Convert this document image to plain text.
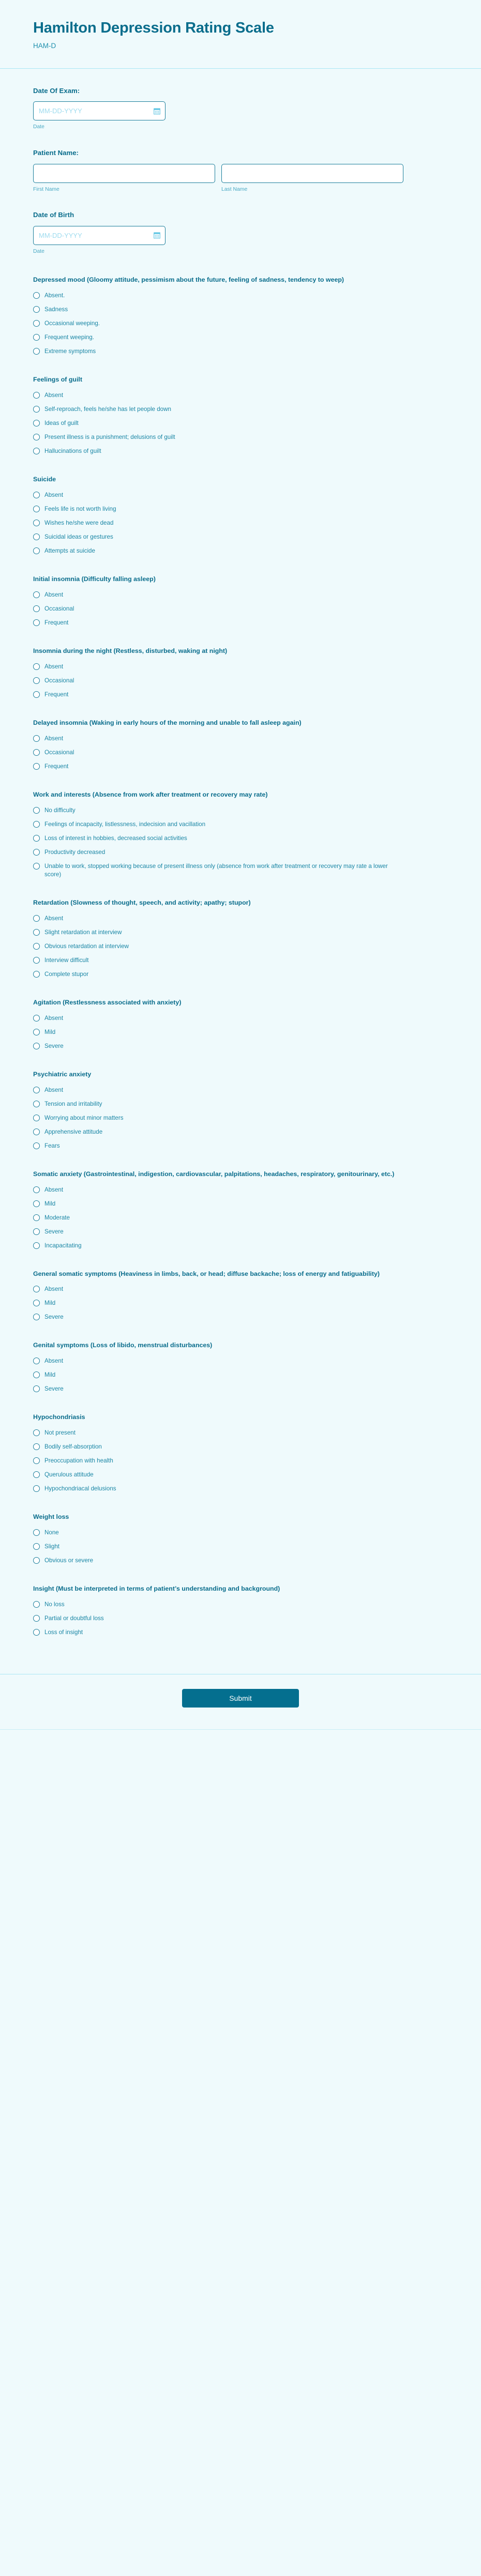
Hamilton Depression Rating Scale

HAM-D

Date Of Exam:
MM-DD-YYYY
Date
Patient Name:
First Name	Last Name
Date of Birth
MM-DD-YYYY
Date
Depressed mood (Gloomy attitude, pessimism about the future, feeling of sadness, tendency to weep)
Absent.
Sadness
Occasional weeping.
Frequent weeping.
Extreme symptoms
Feelings of guilt
Absent
Self-reproach, feels he/she has let people down
Ideas of guilt
Present illness is a punishment; delusions of guilt
Hallucinations of guilt
Suicide
Absent
Feels life is not worth living
Wishes he/she were dead
Suicidal ideas or gestures
Attempts at suicide
Initial insomnia (Difficulty falling asleep)
Absent
Occasional
Frequent
Insomnia during the night (Restless, disturbed, waking at night)
Absent
Occasional
Frequent
Delayed insomnia (Waking in early hours of the morning and unable to fall asleep again)
Absent
Occasional
Frequent
Work and interests (Absence from work after treatment or recovery may rate)
No difficulty
Feelings of incapacity, listlessness, indecision and vacillation
Loss of interest in hobbies, decreased social activities
Productivity decreased
Unable to work, stopped working because of present illness only (absence from work after treatment or recovery may rate a lower score)
Retardation (Slowness of thought, speech, and activity; apathy; stupor)
Absent
Slight retardation at interview
Obvious retardation at interview
Interview difficult
Complete stupor
Agitation (Restlessness associated with anxiety)
Absent
Mild
Severe
Psychiatric anxiety
Absent
Tension and irritability
Worrying about minor matters
Apprehensive attitude
Fears
Somatic anxiety (Gastrointestinal, indigestion, cardiovascular, palpitations, headaches, respiratory, genitourinary, etc.)
Absent
Mild
Moderate
Severe
Incapacitating
General somatic symptoms (Heaviness in limbs, back, or head; diffuse backache; loss of energy and fatiguability)
Absent
Mild
Severe
Genital symptoms (Loss of libido, menstrual disturbances)
Absent
Mild
Severe
Hypochondriasis
Not present
Bodily self-absorption
Preoccupation with health
Querulous attitude
Hypochondriacal delusions
Weight loss
None
Slight
Obvious or severe
Insight (Must be interpreted in terms of patient’s understanding and background)
No loss
Partial or doubtful loss
Loss of insight
Submit
